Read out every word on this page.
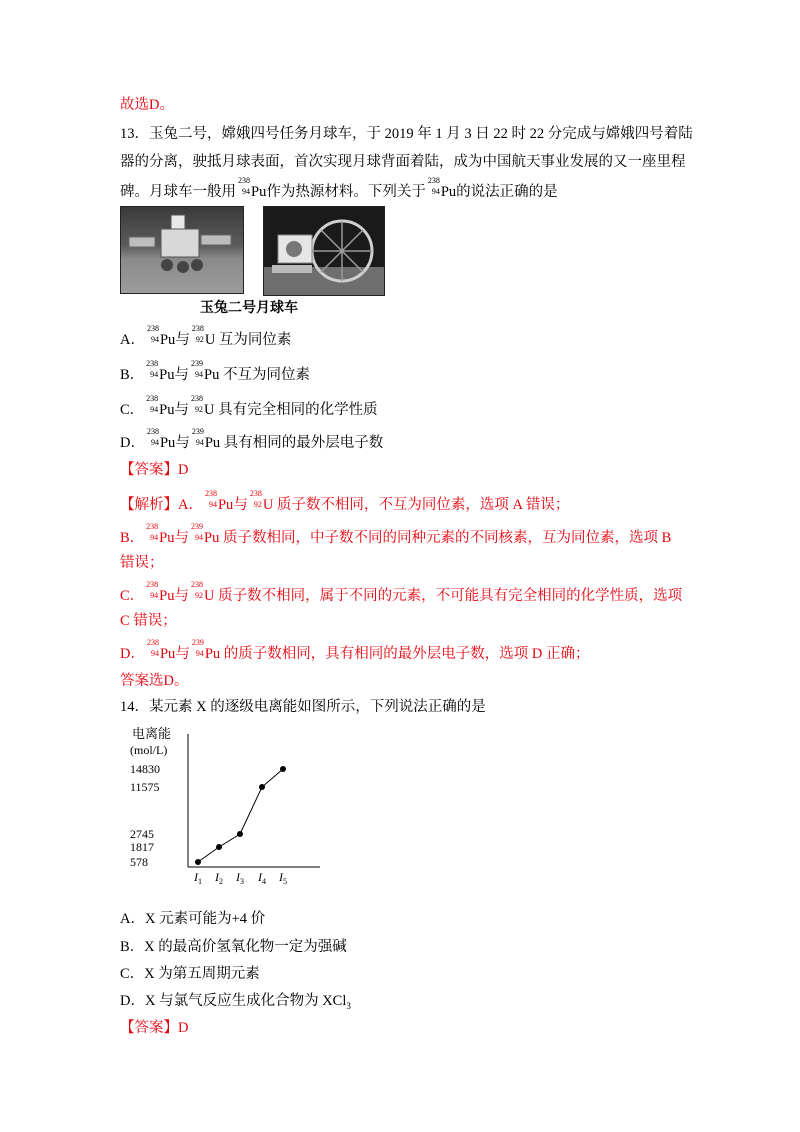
故选D。
13．玉兔二号，嫦娥四号任务月球车，于 2019 年 1 月 3 日 22 时 22 分完成与嫦娥四号着陆
器的分离，驶抵月球表面，首次实现月球背面着陆，成为中国航天事业发展的又一座里程
碑。月球车一般用
238
94 Pu作为热源材料。下列关于
238
94 Pu的说法正确的是
玉兔二号月球车
A．
238
94 Pu与
238
92 U 互为同位素
B．
238
94 Pu与
239
94 Pu 不互为同位素
C．
238
94 Pu与
238
92 U 具有完全相同的化学性质
D．
238
94 Pu与
239
94 Pu 具有相同的最外层电子数
【答案】D
【解析】A．
238
94 Pu与
238
92 U 质子数不相同，不互为同位素，选项 A 错误；
B．
238
94 Pu与
239
94 Pu 质子数相同，中子数不同的同种元素的不同核素，互为同位素，选项 B
错误；
C．
238
94 Pu与
238
92 U 质子数不相同，属于不同的元素，不可能具有完全相同的化学性质，选项
C 错误；
D．
238
94 Pu与
239
94 Pu 的质子数相同，具有相同的最外层电子数，选项 D 正确；
答案选D。
14．某元素 X 的逐级电离能如图所示，下列说法正确的是
电离能
(mol/L)
578
1817
2745
11575
14830
$I_1$ $I_2$ $I_3$ $I_4$ $I_5$
A．X 元素可能为+4 价
B．X 的最高价氢氧化物一定为强碱
C．X 为第五周期元素
D．X 与氯气反应生成化合物为 XCl$_3$
【答案】D
